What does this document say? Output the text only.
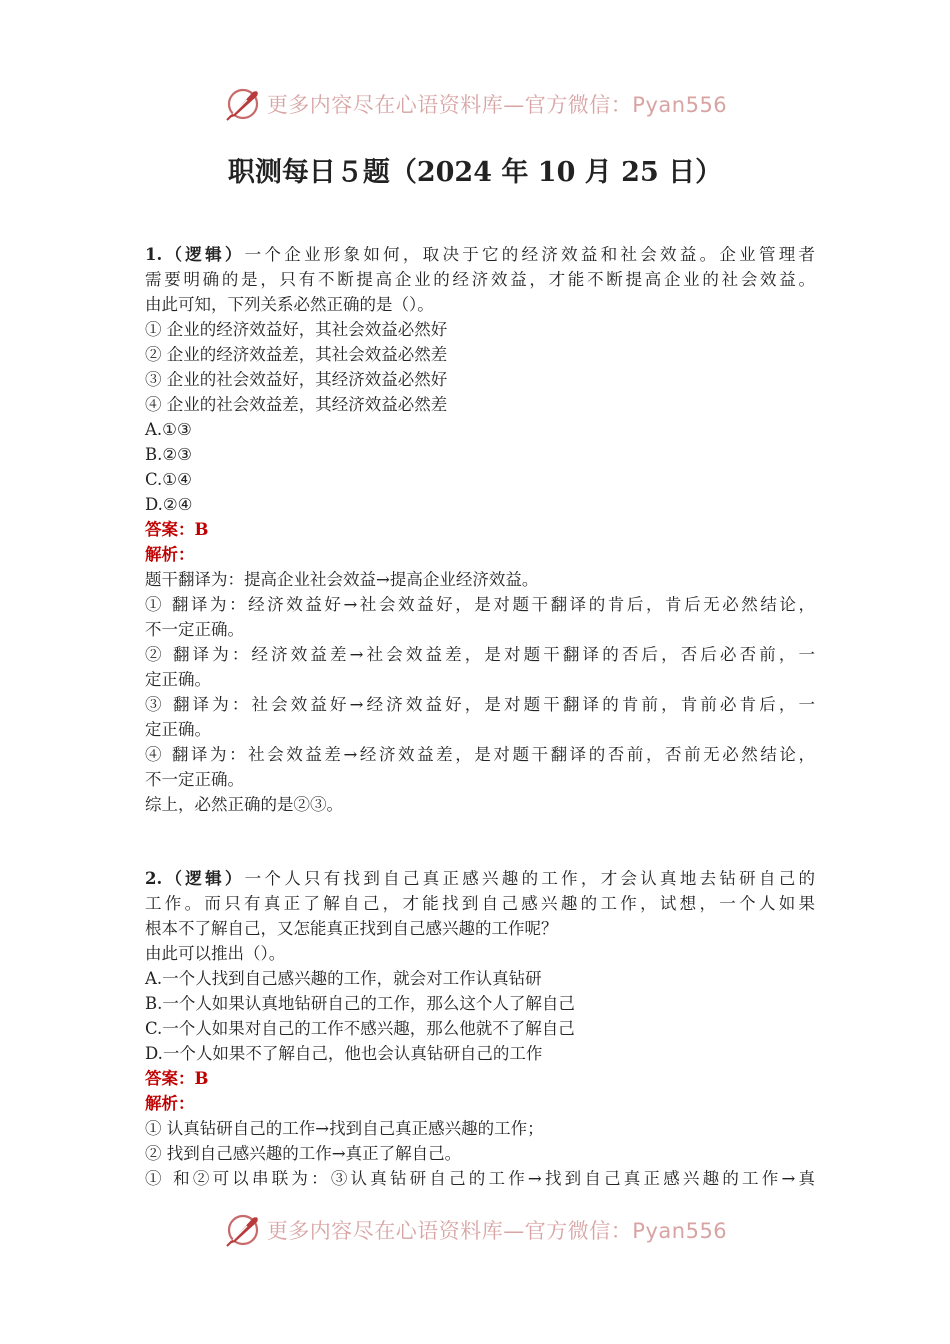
更多内容尽在心语资料库—官方微信：Pyan556
职测每日５题（2024 年 10 月 25 日）
1.（逻辑）一个企业形象如何，取决于它的经济效益和社会效益。企业管理者
需要明确的是，只有不断提高企业的经济效益，才能不断提高企业的社会效益。
由此可知，下列关系必然正确的是（）。
① 企业的经济效益好，其社会效益必然好
② 企业的经济效益差，其社会效益必然差
③ 企业的社会效益好，其经济效益必然好
④ 企业的社会效益差，其经济效益必然差
A.①③
B.②③
C.①④
D.②④
答案：B
解析：
题干翻译为：提高企业社会效益→提高企业经济效益。
① 翻译为：经济效益好→社会效益好，是对题干翻译的肯后，肯后无必然结论，
不一定正确。
② 翻译为：经济效益差→社会效益差，是对题干翻译的否后，否后必否前，一
定正确。
③ 翻译为：社会效益好→经济效益好，是对题干翻译的肯前，肯前必肯后，一
定正确。
④ 翻译为：社会效益差→经济效益差，是对题干翻译的否前，否前无必然结论，
不一定正确。
综上，必然正确的是②③。
2.（逻辑）一个人只有找到自己真正感兴趣的工作，才会认真地去钻研自己的
工作。而只有真正了解自己，才能找到自己感兴趣的工作，试想，一个人如果
根本不了解自己，又怎能真正找到自己感兴趣的工作呢？
由此可以推出（）。
A.一个人找到自己感兴趣的工作，就会对工作认真钻研
B.一个人如果认真地钻研自己的工作，那么这个人了解自己
C.一个人如果对自己的工作不感兴趣，那么他就不了解自己
D.一个人如果不了解自己，他也会认真钻研自己的工作
答案：B
解析：
① 认真钻研自己的工作→找到自己真正感兴趣的工作；
② 找到自己感兴趣的工作→真正了解自己。
① 和②可以串联为：③认真钻研自己的工作→找到自己真正感兴趣的工作→真
更多内容尽在心语资料库—官方微信：Pyan556
